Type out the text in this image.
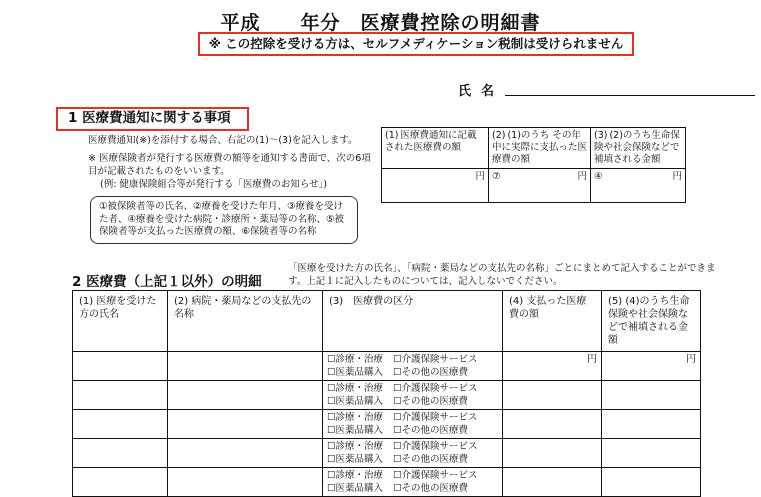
平成　　年分　医療費控除の明細書
※ この控除を受ける方は、セルフメディケーション税制は受けられません
氏名
1 医療費通知に関する事項
医療費通知(※)を添付する場合、右記の(1)～(3)を記入します。
※ 医療保険者が発行する医療費の額等を通知する書面で、次の6項目が記載されたものをいいます。
(例: 健康保険組合等が発行する「医療費のお知らせ」)
①被保険者等の氏名、②療養を受けた年月、③療養を受けた者、④療養を受けた病院・診療所・薬局等の名称、⑤被保険者等が支払った医療費の額、⑥保険者等の名称
(1) 医療費通知に記載された医療費の額	(2) (1)のうち その年中に実際に支払った医療費の額	(3) (2)のうち生命保険や社会保険などで補填される金額

円	⑦ 円	④ 円
2 医療費（上記１以外）の明細
「医療を受けた方の氏名」、「病院・薬局などの支払先の名称」ごとにまとめて記入することができます。上記１に記入したものについては、記入しないでください。
(1) 医療を受けた方の氏名	(2) 病院・薬局などの支払先の名称	(3)　 医療費の区分	(4) 支払った医療費の額	(5) (4)のうち生命保険や社会保険などで補填される金額

		☐診療・治療 ☐介護保険サービス
☐医薬品購入 ☐その他の医療費	円	円

		☐診療・治療 ☐介護保険サービス
☐医薬品購入 ☐その他の医療費		

		☐診療・治療 ☐介護保険サービス
☐医薬品購入 ☐その他の医療費		

		☐診療・治療 ☐介護保険サービス
☐医薬品購入 ☐その他の医療費		

		☐診療・治療 ☐介護保険サービス
☐医薬品購入 ☐その他の医療費		
